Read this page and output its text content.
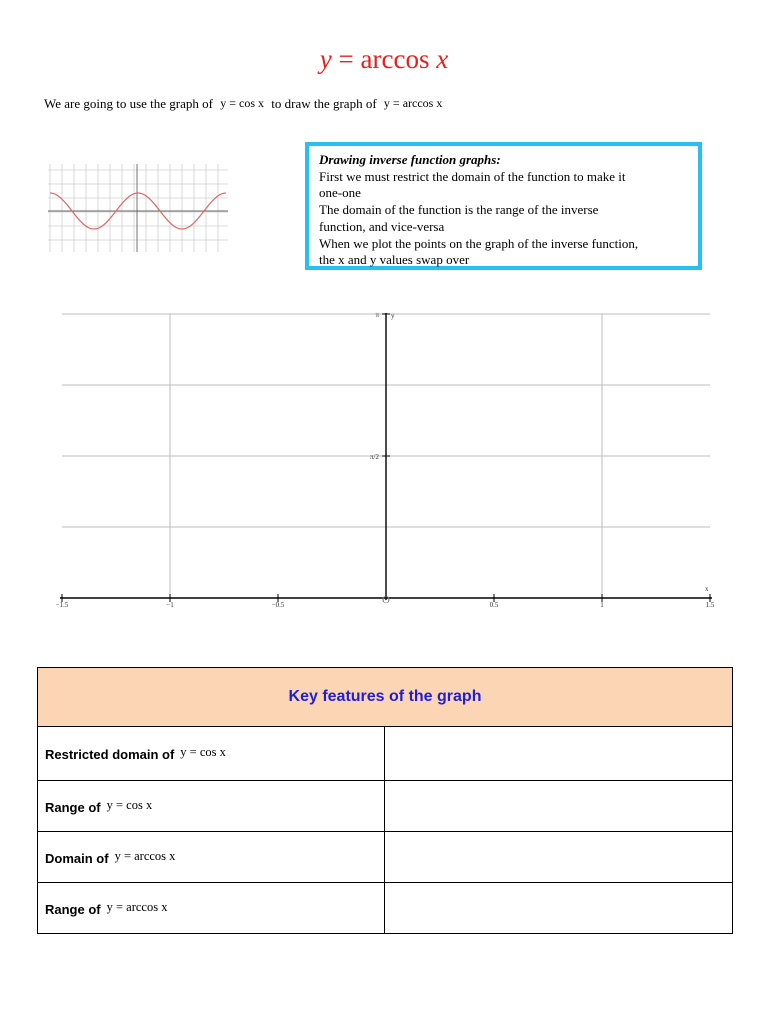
y = arccos x
We are going to use the graph of y = cos x to draw the graph of y = arccos x
Drawing inverse function graphs:
First we must restrict the domain of the function to make it
one-one
The domain of the function is the range of the inverse
function, and vice-versa
When we plot the points on the graph of the inverse function,
the x and y values swap over
−1.5	−1	−0.5	0.5	1	1.5
π
π/2
y
x
O
Key features of the graph	
Restricted domain of y = cos x	
Range of y = cos x	
Domain of y = arccos x	
Range of y = arccos x	
